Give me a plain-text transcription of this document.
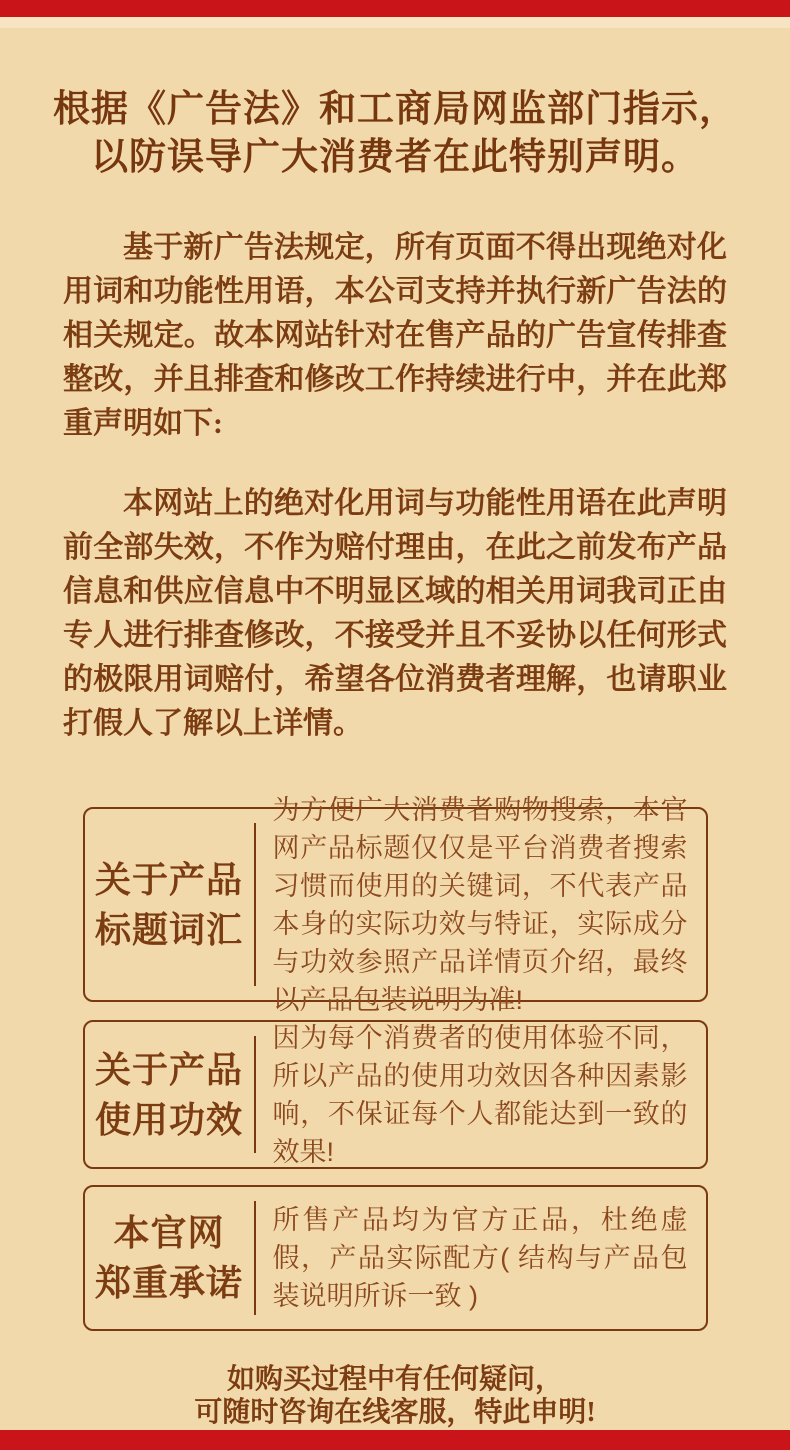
根据《广告法》和工商局网监部门指示，
以防误导广大消费者在此特别声明。

基于新广告法规定，所有页面不得出现绝对化用词和功能性用语，本公司支持并执行新广告法的相关规定。故本网站针对在售产品的广告宣传排查整改，并且排查和修改工作持续进行中，并在此郑重声明如下:

本网站上的绝对化用词与功能性用语在此声明前全部失效，不作为赔付理由，在此之前发布产品信息和供应信息中不明显区域的相关用词我司正由专人进行排查修改，不接受并且不妥协以任何形式的极限用词赔付，希望各位消费者理解，也请职业打假人了解以上详情。

关于产品
标题词汇
为方便广大消费者购物搜索，本官网产品标题仅仅是平台消费者搜索习惯而使用的关键词，不代表产品本身的实际功效与特证，实际成分与功效参照产品详情页介绍，最终以产品包装说明为准!
关于产品
使用功效
因为每个消费者的使用体验不同，所以产品的使用功效因各种因素影响，不保证每个人都能达到一致的效果!
本官网
郑重承诺
所售产品均为官方正品，杜绝虚假，产品实际配方( 结构与产品包装说明所诉一致 )
如购买过程中有任何疑问，
可随时咨询在线客服，特此申明!
